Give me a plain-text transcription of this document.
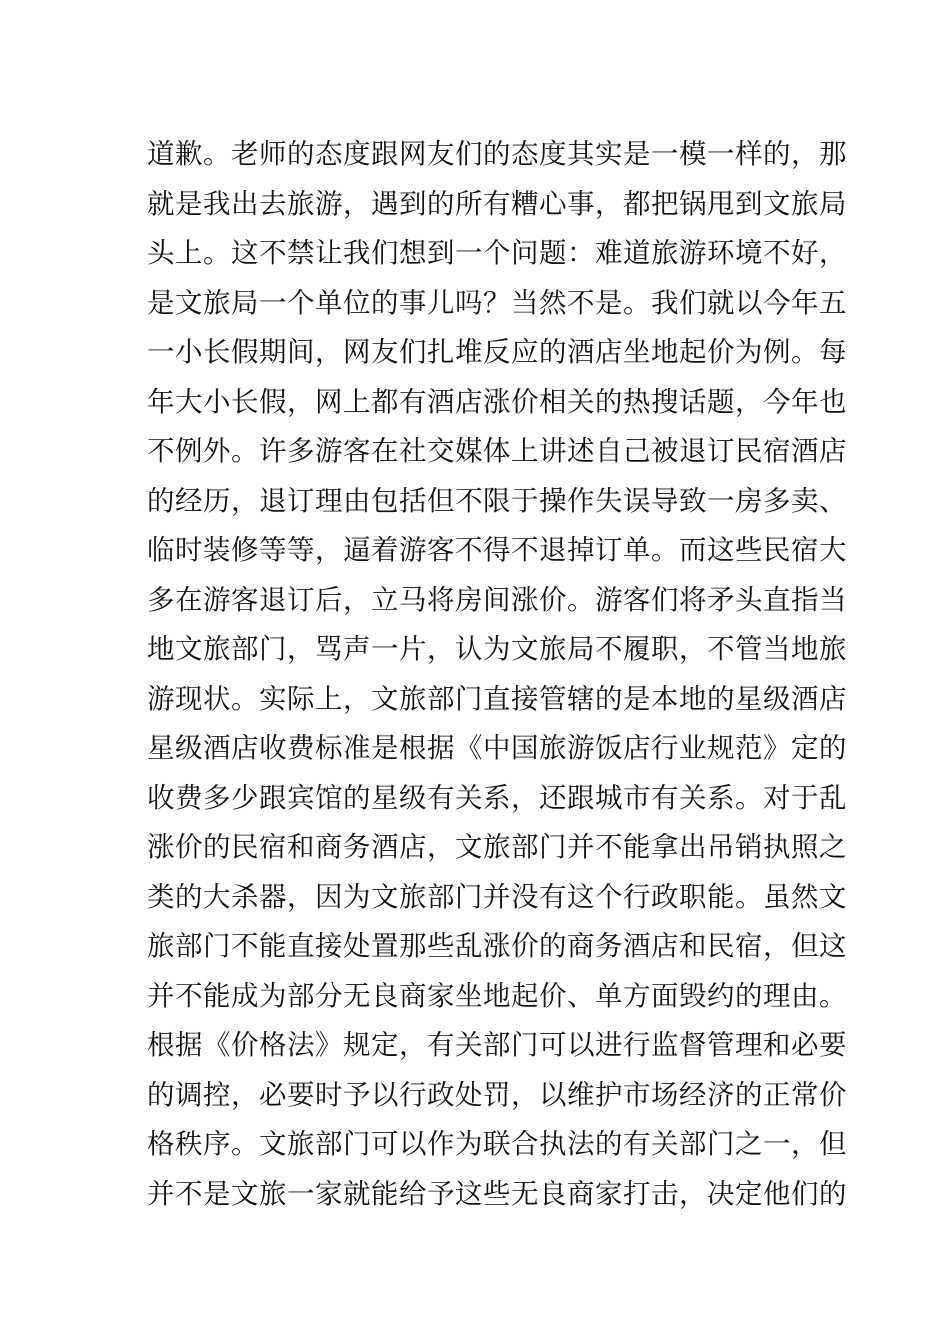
道歉。老师的态度跟网友们的态度其实是一模一样的，那
就是我出去旅游，遇到的所有糟心事，都把锅甩到文旅局
头上。这不禁让我们想到一个问题：难道旅游环境不好，
是文旅局一个单位的事儿吗？当然不是。我们就以今年五
一小长假期间，网友们扎堆反应的酒店坐地起价为例。每
年大小长假，网上都有酒店涨价相关的热搜话题，今年也
不例外。许多游客在社交媒体上讲述自己被退订民宿酒店
的经历，退订理由包括但不限于操作失误导致一房多卖、
临时装修等等，逼着游客不得不退掉订单。而这些民宿大
多在游客退订后，立马将房间涨价。游客们将矛头直指当
地文旅部门，骂声一片，认为文旅局不履职，不管当地旅
游现状。实际上，文旅部门直接管辖的是本地的星级酒店
星级酒店收费标准是根据《中国旅游饭店行业规范》定的
收费多少跟宾馆的星级有关系，还跟城市有关系。对于乱
涨价的民宿和商务酒店，文旅部门并不能拿出吊销执照之
类的大杀器，因为文旅部门并没有这个行政职能。虽然文
旅部门不能直接处置那些乱涨价的商务酒店和民宿，但这
并不能成为部分无良商家坐地起价、单方面毁约的理由。
根据《价格法》规定，有关部门可以进行监督管理和必要
的调控，必要时予以行政处罚，以维护市场经济的正常价
格秩序。文旅部门可以作为联合执法的有关部门之一，但
并不是文旅一家就能给予这些无良商家打击，决定他们的
